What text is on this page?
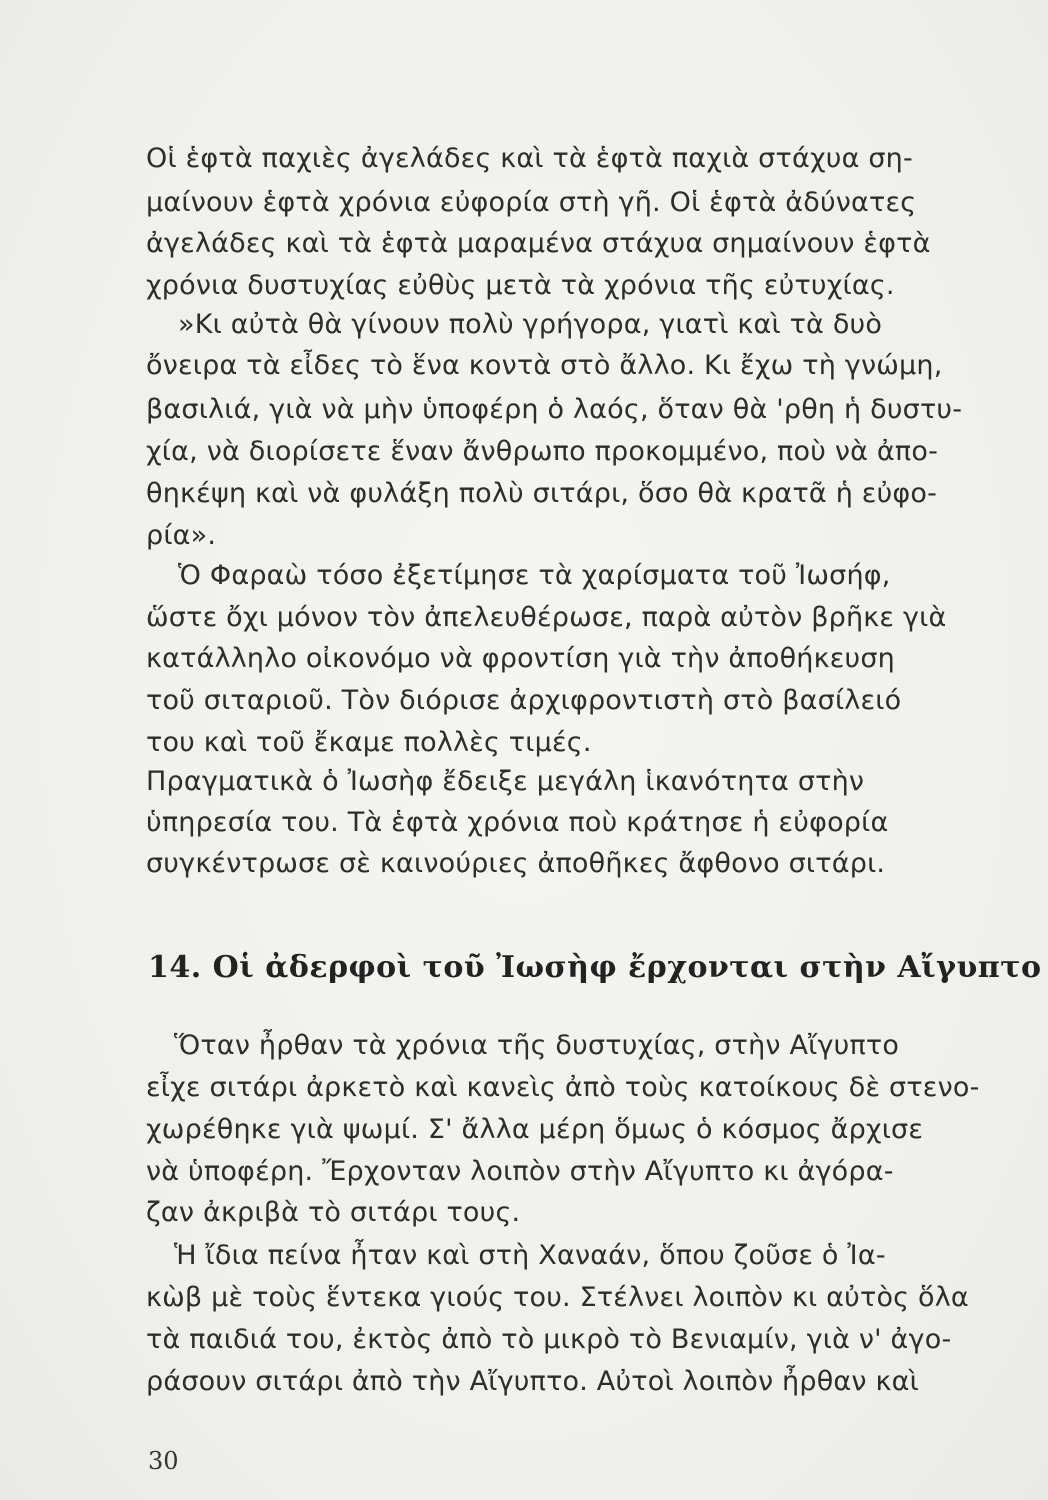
Οἱ ἑφτὰ παχιὲς ἀγελάδες καὶ τὰ ἑφτὰ παχιὰ στάχυα ση-
μαίνουν ἑφτὰ χρόνια εὐφορία στὴ γῆ. Οἱ ἑφτὰ ἀδύνατες
ἀγελάδες καὶ τὰ ἑφτὰ μαραμένα στάχυα σημαίνουν ἑφτὰ
χρόνια δυστυχίας εὐθὺς μετὰ τὰ χρόνια τῆς εὐτυχίας.
»Κι αὐτὰ θὰ γίνουν πολὺ γρήγορα, γιατὶ καὶ τὰ δυὸ
ὄνειρα τὰ εἶδες τὸ ἕνα κοντὰ στὸ ἄλλο. Κι ἔχω τὴ γνώμη,
βασιλιά, γιὰ νὰ μὴν ὑποφέρη ὁ λαός, ὅταν θὰ 'ρθη ἡ δυστυ-
χία, νὰ διορίσετε ἕναν ἄνθρωπο προκομμένο, ποὺ νὰ ἀπο-
θηκέψη καὶ νὰ φυλάξη πολὺ σιτάρι, ὅσο θὰ κρατᾶ ἡ εὐφο-
ρία».
Ὁ Φαραὼ τόσο ἐξετίμησε τὰ χαρίσματα τοῦ Ἰωσήφ,
ὥστε ὄχι μόνον τὸν ἀπελευθέρωσε, παρὰ αὐτὸν βρῆκε γιὰ
κατάλληλο οἰκονόμο νὰ φροντίση γιὰ τὴν ἀποθήκευση
τοῦ σιταριοῦ. Τὸν διόρισε ἀρχιφροντιστὴ στὸ βασίλειό
του καὶ τοῦ ἔκαμε πολλὲς τιμές.
Πραγματικὰ ὁ Ἰωσὴφ ἔδειξε μεγάλη ἱκανότητα στὴν
ὑπηρεσία του. Τὰ ἑφτὰ χρόνια ποὺ κράτησε ἡ εὐφορία
συγκέντρωσε σὲ καινούριες ἀποθῆκες ἄφθονο σιτάρι.
14. Οἱ ἀδερφοὶ τοῦ Ἰωσὴφ ἔρχονται στὴν Αἴγυπτο
Ὅταν ἦρθαν τὰ χρόνια τῆς δυστυχίας, στὴν Αἴγυπτο
εἶχε σιτάρι ἀρκετὸ καὶ κανεὶς ἀπὸ τοὺς κατοίκους δὲ στενο-
χωρέθηκε γιὰ ψωμί. Σ' ἄλλα μέρη ὅμως ὁ κόσμος ἄρχισε
νὰ ὑποφέρη. Ἔρχονταν λοιπὸν στὴν Αἴγυπτο κι ἀγόρα-
ζαν ἀκριβὰ τὸ σιτάρι τους.
Ἡ ἴδια πείνα ἦταν καὶ στὴ Χαναάν, ὅπου ζοῦσε ὁ Ἰα-
κὼβ μὲ τοὺς ἕντεκα γιούς του. Στέλνει λοιπὸν κι αὐτὸς ὅλα
τὰ παιδιά του, ἐκτὸς ἀπὸ τὸ μικρὸ τὸ Βενιαμίν, γιὰ ν' ἀγο-
ράσουν σιτάρι ἀπὸ τὴν Αἴγυπτο. Αὐτοὶ λοιπὸν ἦρθαν καὶ
30
